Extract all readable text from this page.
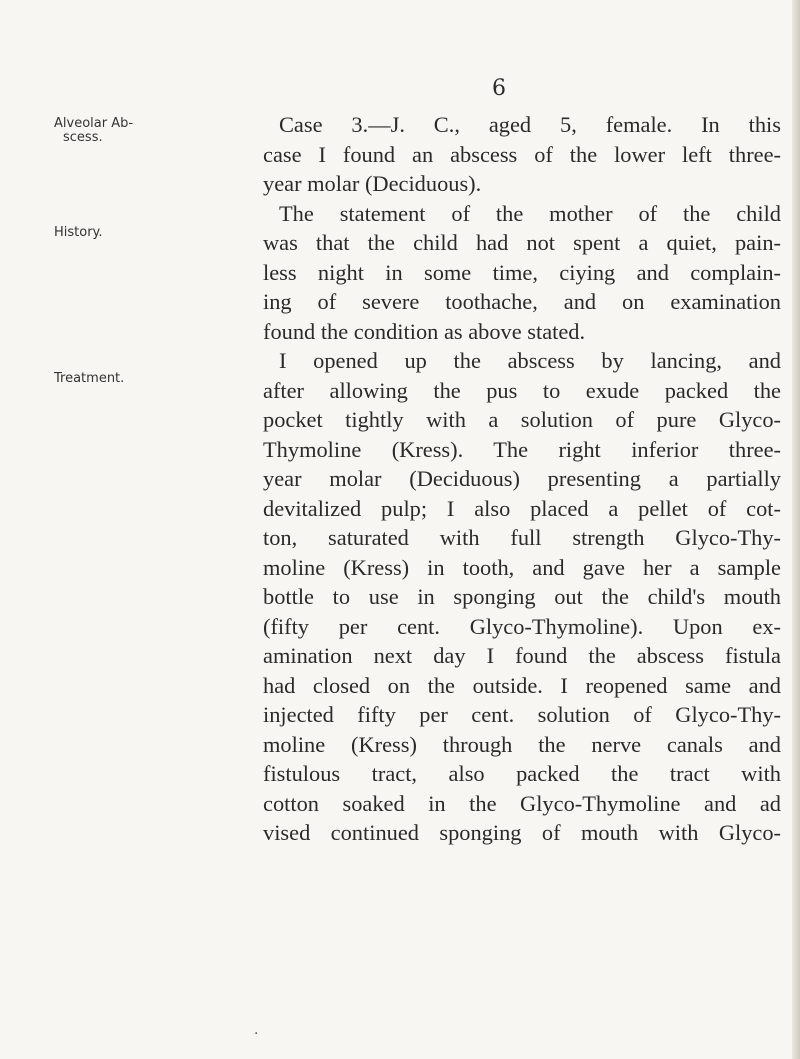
6
Alveolar Ab-
scess.
History.
Treatment.
Case 3.—J. C., aged 5, female. In this
case I found an abscess of the lower left three-
year molar (Deciduous).
The statement of the mother of the child
was that the child had not spent a quiet, pain-
less night in some time, ciying and complain-
ing of severe toothache, and on examination
found the condition as above stated.
I opened up the abscess by lancing, and
after allowing the pus to exude packed the
pocket tightly with a solution of pure Glyco-
Thymoline (Kress). The right inferior three-
year molar (Deciduous) presenting a partially
devitalized pulp; I also placed a pellet of cot-
ton, saturated with full strength Glyco-Thy-
moline (Kress) in tooth, and gave her a sample
bottle to use in sponging out the child's mouth
(fifty per cent. Glyco-Thymoline). Upon ex-
amination next day I found the abscess fistula
had closed on the outside. I reopened same and
injected fifty per cent. solution of Glyco-Thy-
moline (Kress) through the nerve canals and
fistulous tract, also packed the tract with
cotton soaked in the Glyco-Thymoline and ad
vised continued sponging of mouth with Glyco-
·
